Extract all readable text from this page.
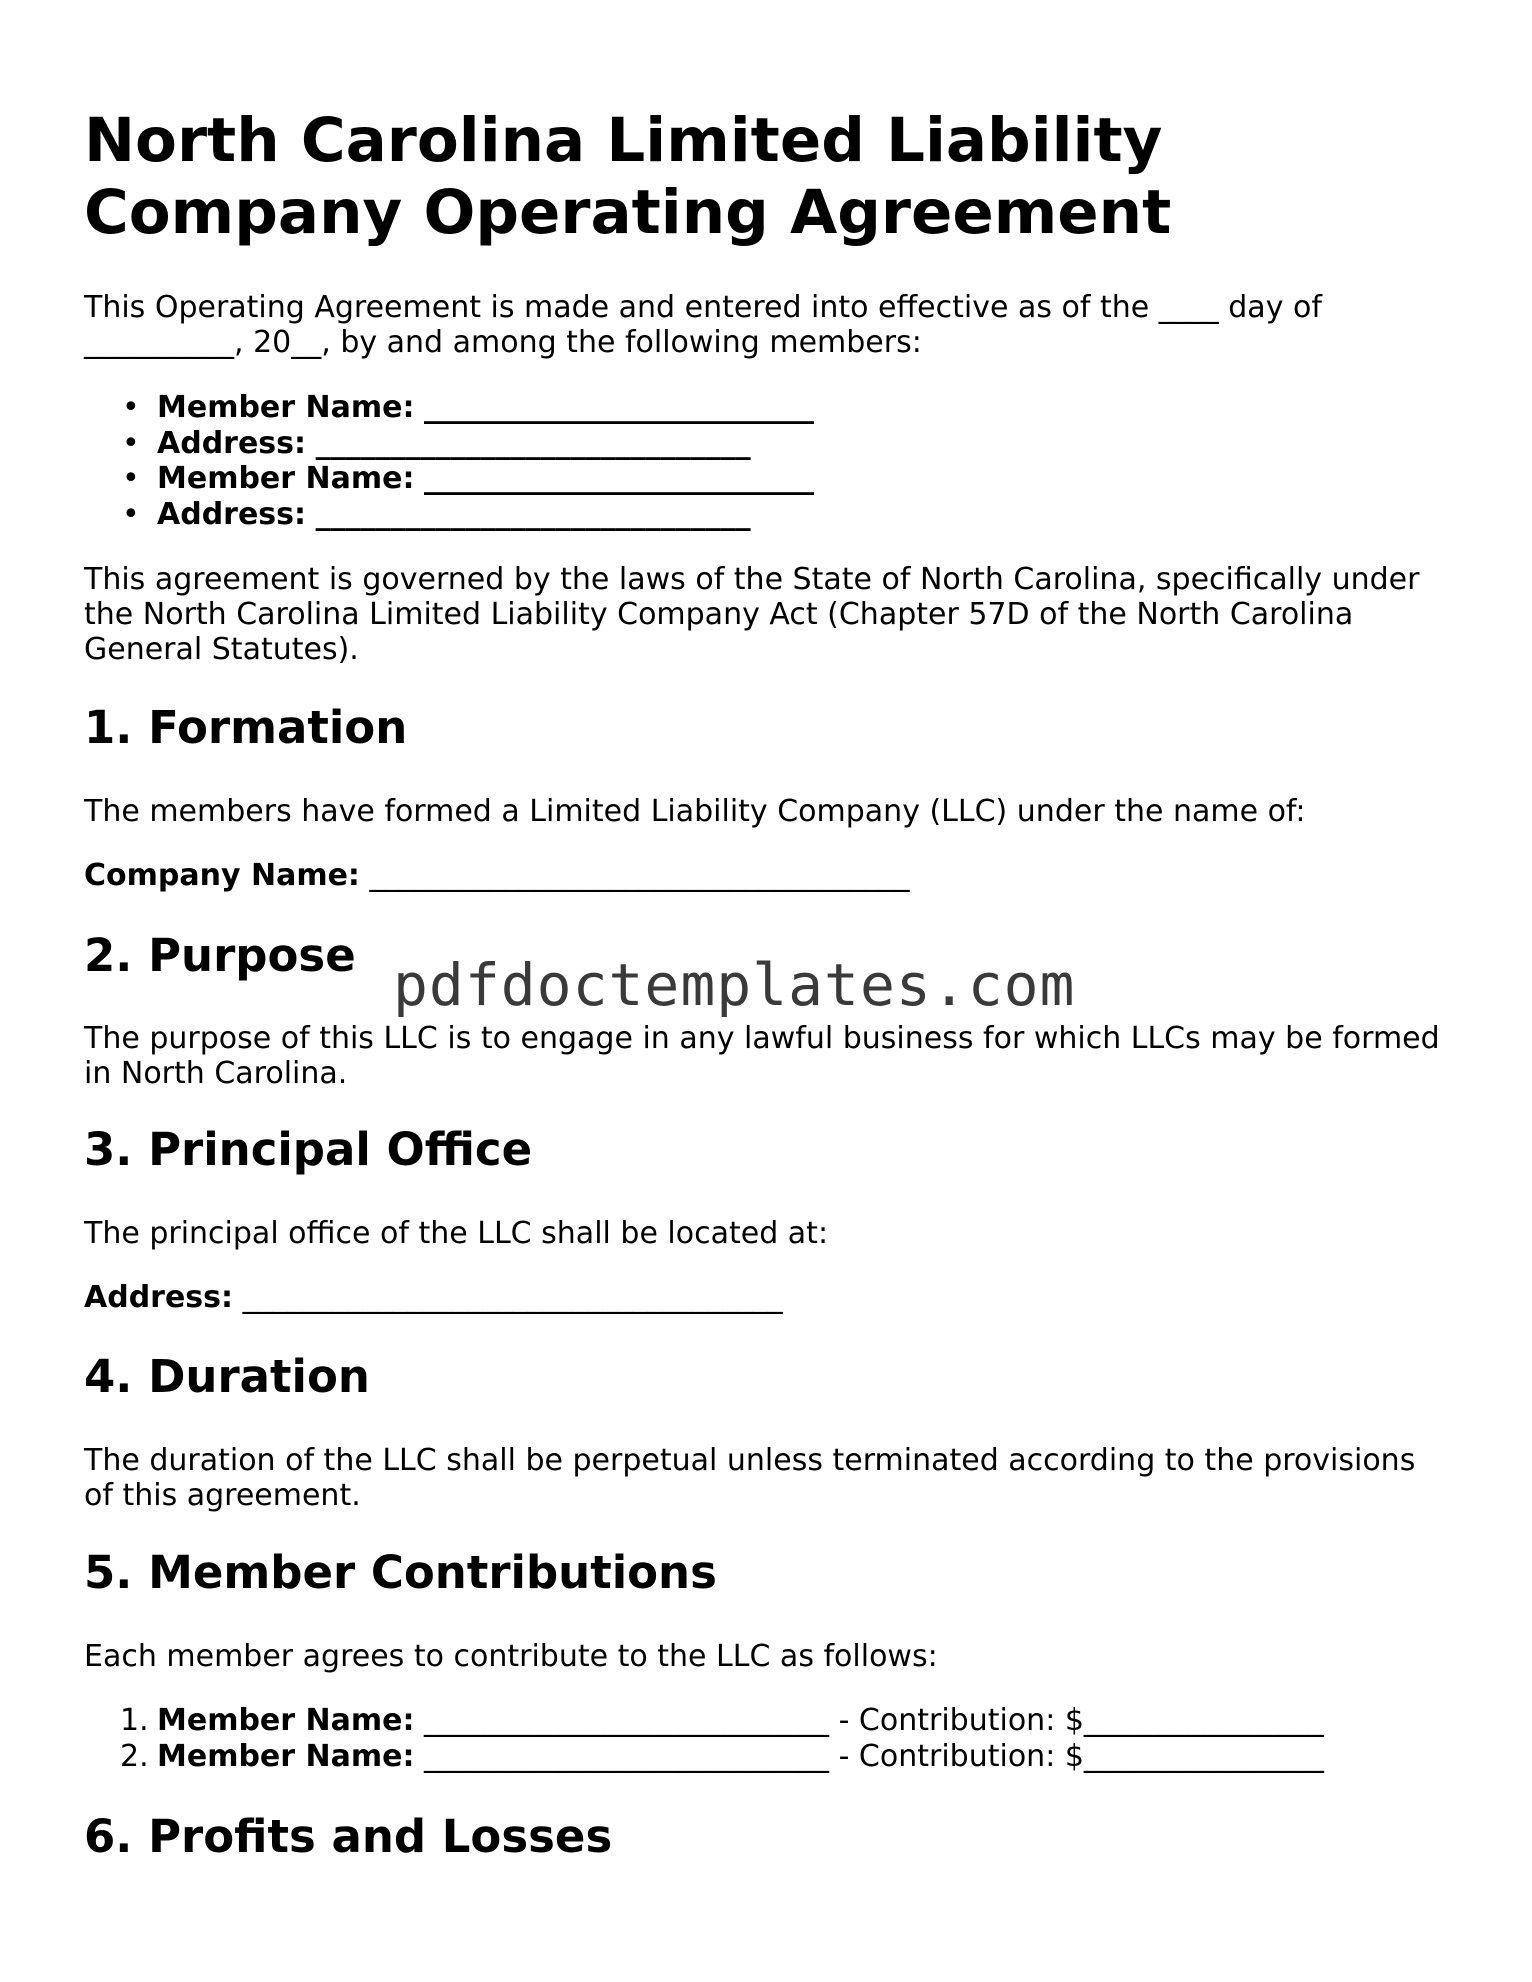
North Carolina Limited Liability
Company Operating Agreement

This Operating Agreement is made and entered into effective as of the ____ day of
__________, 20__, by and among the following members:

• Member Name: __________________________
• Address: _____________________________
• Member Name: __________________________
• Address: _____________________________

This agreement is governed by the laws of the State of North Carolina, specifically under
the North Carolina Limited Liability Company Act (Chapter 57D of the North Carolina
General Statutes).

1. Formation

The members have formed a Limited Liability Company (LLC) under the name of:

Company Name: ____________________________________

2. Purpose pdfdoctemplates.com

The purpose of this LLC is to engage in any lawful business for which LLCs may be formed
in North Carolina.

3. Principal Office

The principal office of the LLC shall be located at:

Address: ____________________________________

4. Duration

The duration of the LLC shall be perpetual unless terminated according to the provisions
of this agreement.

5. Member Contributions

Each member agrees to contribute to the LLC as follows:

1. Member Name: ___________________________ - Contribution: $________________
2. Member Name: ___________________________ - Contribution: $________________
6. Profits and Losses
